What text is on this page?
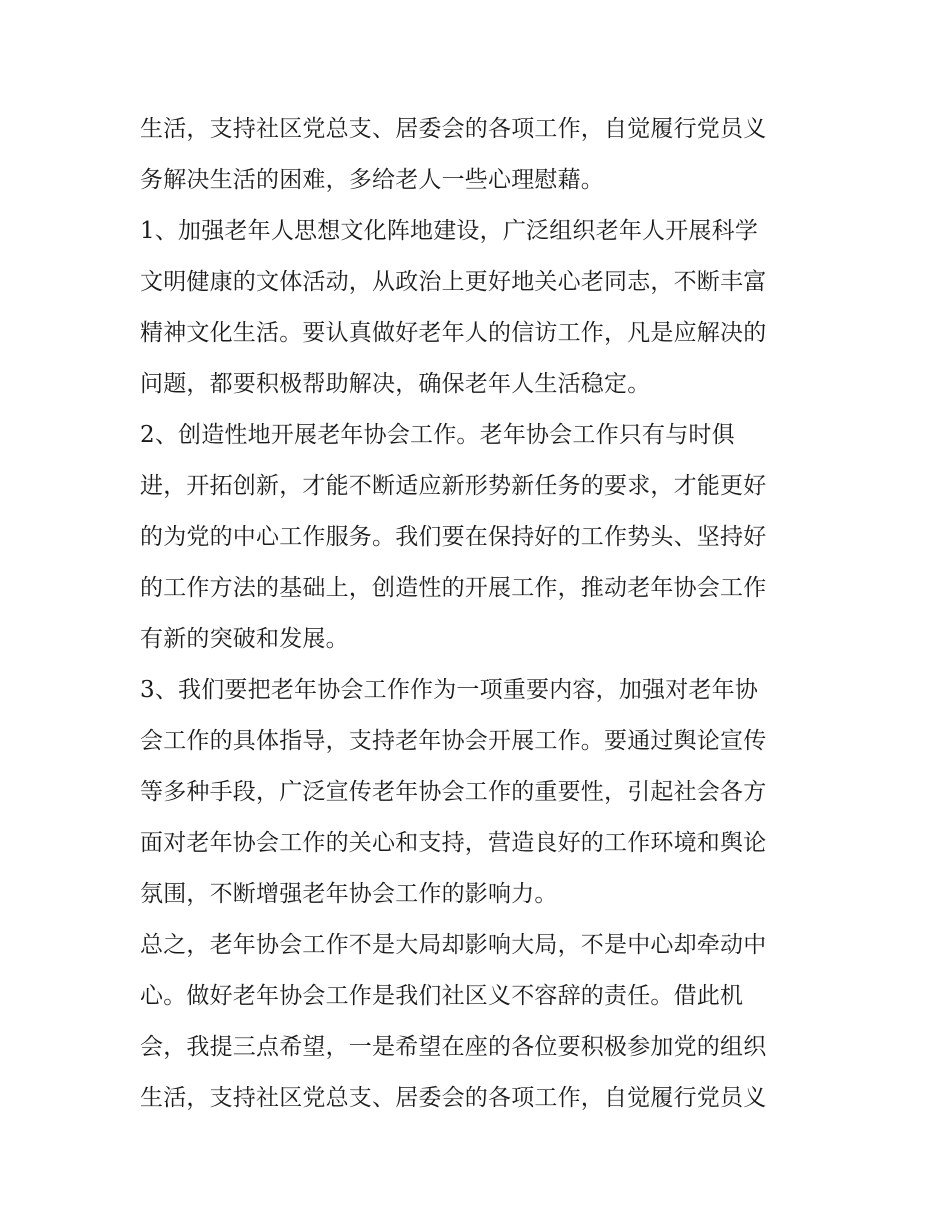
生活，支持社区党总支、居委会的各项工作，自觉履行党员义
务解决生活的困难，多给老人一些心理慰藉。
1、加强老年人思想文化阵地建设，广泛组织老年人开展科学
文明健康的文体活动，从政治上更好地关心老同志，不断丰富
精神文化生活。要认真做好老年人的信访工作，凡是应解决的
问题，都要积极帮助解决，确保老年人生活稳定。
2、创造性地开展老年协会工作。老年协会工作只有与时俱
进，开拓创新，才能不断适应新形势新任务的要求，才能更好
的为党的中心工作服务。我们要在保持好的工作势头、坚持好
的工作方法的基础上，创造性的开展工作，推动老年协会工作
有新的突破和发展。
3、我们要把老年协会工作作为一项重要内容，加强对老年协
会工作的具体指导，支持老年协会开展工作。要通过舆论宣传
等多种手段，广泛宣传老年协会工作的重要性，引起社会各方
面对老年协会工作的关心和支持，营造良好的工作环境和舆论
氛围，不断增强老年协会工作的影响力。
总之，老年协会工作不是大局却影响大局，不是中心却牵动中
心。做好老年协会工作是我们社区义不容辞的责任。借此机
会，我提三点希望，一是希望在座的各位要积极参加党的组织
生活，支持社区党总支、居委会的各项工作，自觉履行党员义
